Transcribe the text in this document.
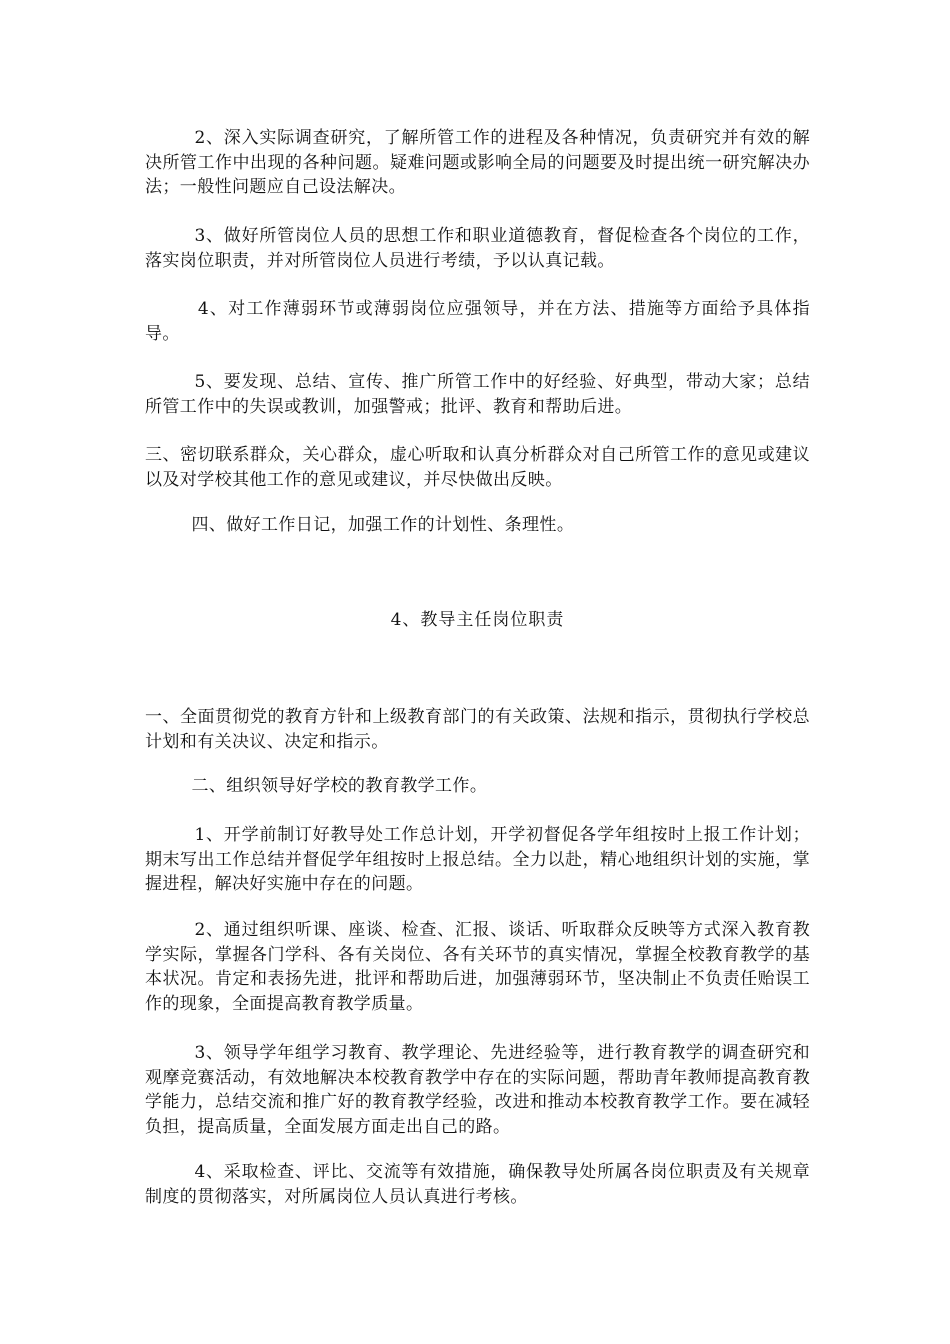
2、深入实际调查研究，了解所管工作的进程及各种情况，负责研究并有效的解决所管工作中出现的各种问题。疑难问题或影响全局的问题要及时提出统一研究解决办法；一般性问题应自己设法解决。

3、做好所管岗位人员的思想工作和职业道德教育，督促检查各个岗位的工作，落实岗位职责，并对所管岗位人员进行考绩，予以认真记载。

4、对工作薄弱环节或薄弱岗位应强领导，并在方法、措施等方面给予具体指导。

5、要发现、总结、宣传、推广所管工作中的好经验、好典型，带动大家；总结所管工作中的失误或教训，加强警戒；批评、教育和帮助后进。

三、密切联系群众，关心群众，虚心听取和认真分析群众对自己所管工作的意见或建议以及对学校其他工作的意见或建议，并尽快做出反映。

四、做好工作日记，加强工作的计划性、条理性。

4、教导主任岗位职责

一、全面贯彻党的教育方针和上级教育部门的有关政策、法规和指示，贯彻执行学校总计划和有关决议、决定和指示。

二、组织领导好学校的教育教学工作。

1、开学前制订好教导处工作总计划，开学初督促各学年组按时上报工作计划；期末写出工作总结并督促学年组按时上报总结。全力以赴，精心地组织计划的实施，掌握进程，解决好实施中存在的问题。

2、通过组织听课、座谈、检查、汇报、谈话、听取群众反映等方式深入教育教学实际，掌握各门学科、各有关岗位、各有关环节的真实情况，掌握全校教育教学的基本状况。肯定和表扬先进，批评和帮助后进，加强薄弱环节，坚决制止不负责任贻误工作的现象，全面提高教育教学质量。

3、领导学年组学习教育、教学理论、先进经验等，进行教育教学的调查研究和观摩竞赛活动，有效地解决本校教育教学中存在的实际问题，帮助青年教师提高教育教学能力，总结交流和推广好的教育教学经验，改进和推动本校教育教学工作。要在减轻负担，提高质量，全面发展方面走出自己的路。

4、采取检查、评比、交流等有效措施，确保教导处所属各岗位职责及有关规章制度的贯彻落实，对所属岗位人员认真进行考核。
